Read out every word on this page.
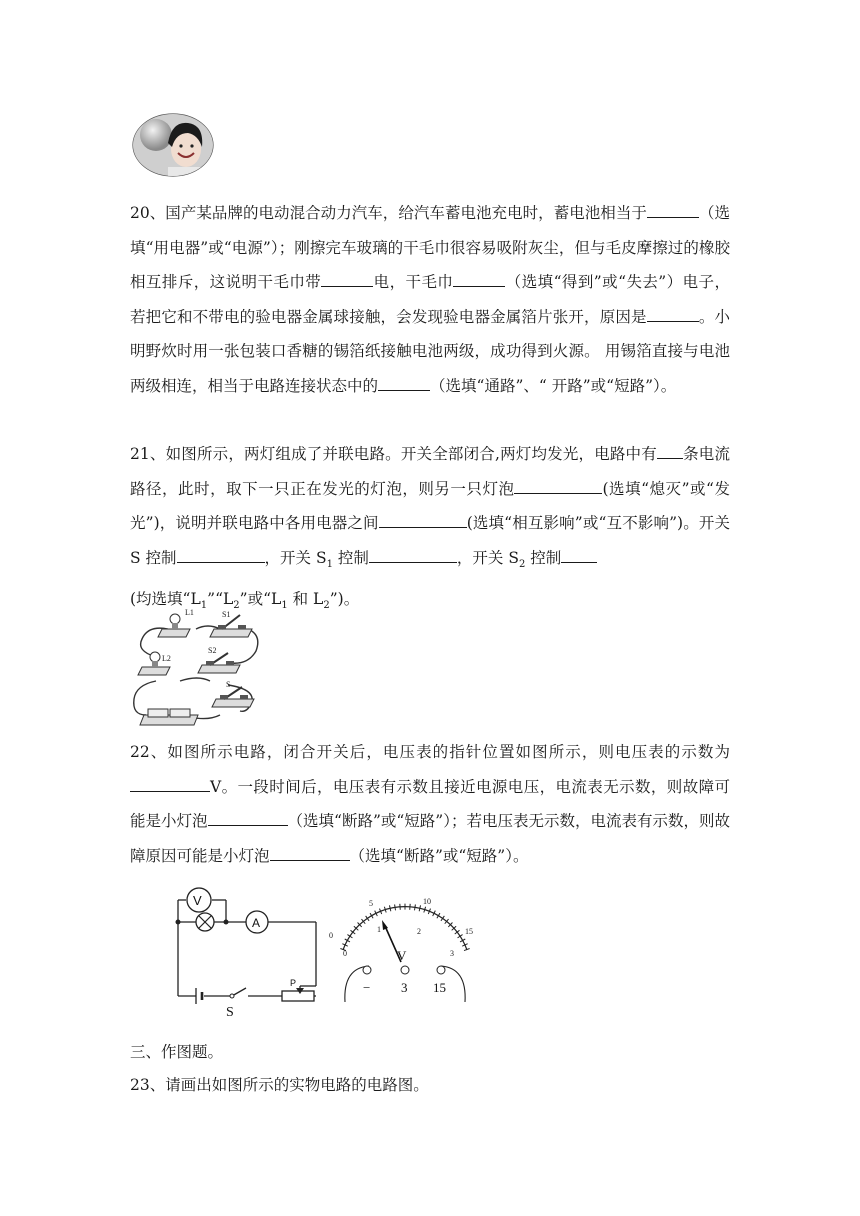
20、国产某品牌的电动混合动力汽车，给汽车蓄电池充电时，蓄电池相当于	（选填“用电器”或“电源”）；刚擦完车玻璃的干毛巾很容易吸附灰尘，但与毛皮摩擦过的橡胶相互排斥，这说明干毛巾带	电，干毛巾	（选填“得到”或“失去”）电子，若把它和不带电的验电器金属球接触，会发现验电器金属箔片张开，原因是	。小明野炊时用一张包装口香糖的锡箔纸接触电池两级，成功得到火源。 用锡箔直接与电池两级相连，相当于电路连接状态中的	（选填“通路”、“ 开路”或“短路”）。

21、如图所示，两灯组成了并联电路。开关全部闭合,两灯均发光，电路中有 条电流路径，此时，取下一只正在发光的灯泡，则另一只灯泡	(选填“熄灭”或“发光”)，说明并联电路中各用电器之间	(选填“相互影响”或“互不影响”)。开关 S 控制	，开关 $S_1$ 控制	，开关 $S_2$ 控制
(均选填“$L_1”“L_2$”或“$L_1$ 和 $L_2$”)。

L1	S1
L2
S2
S

22、如图所示电路，闭合开关后，电压表的指针位置如图所示，则电压表的示数为V。一段时间后，电压表有示数且接近电源电压，电流表无示数，则故障可能是小灯泡	（选填“断路”或“短路”）；若电压表无示数，电流表有示数，则故障原因可能是小灯泡	（选填“断路”或“短路”）。

V
A
P
S
0
5	10
15
0
1	2
3
V
− 3 15

三、作图题。

23、请画出如图所示的实物电路的电路图。
